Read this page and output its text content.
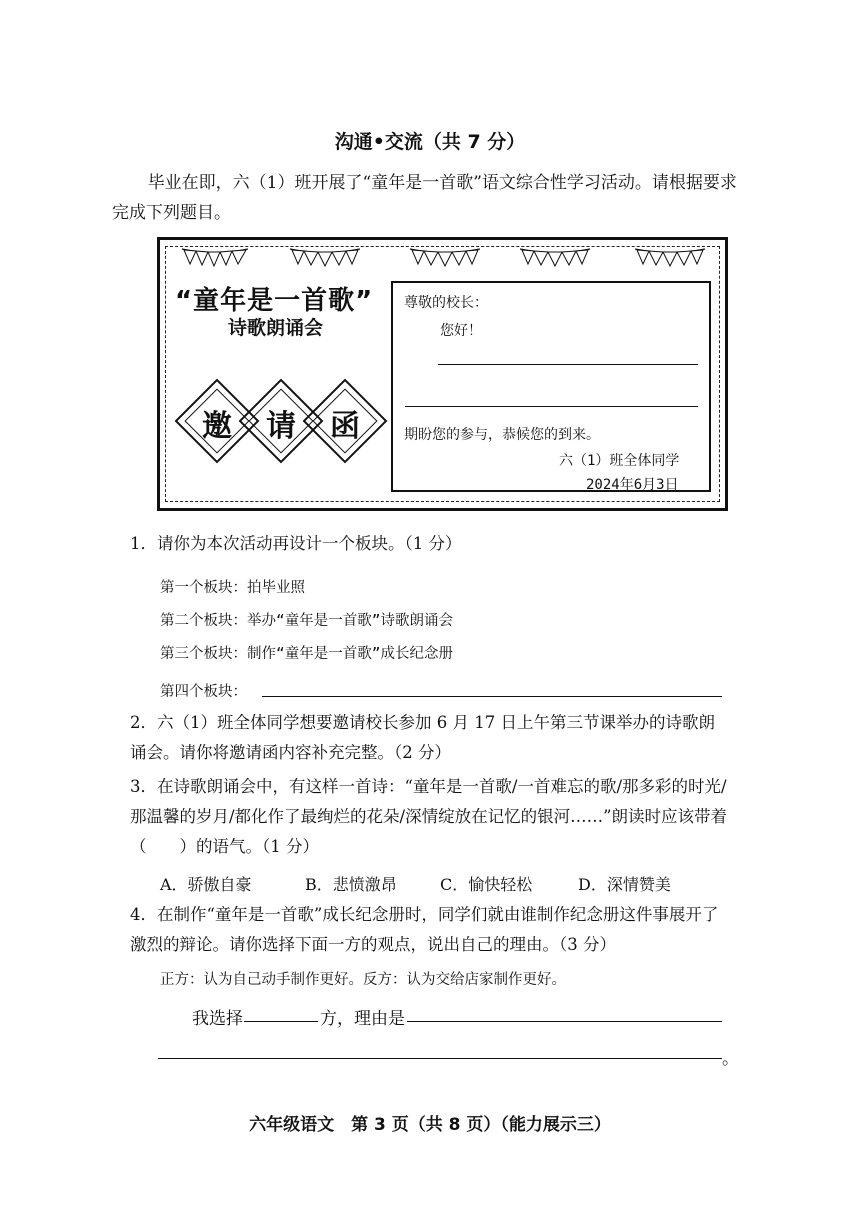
沟通•交流（共 7 分）
毕业在即，六（1）班开展了“童年是一首歌”语文综合性学习活动。请根据要求完成下列题目。
“童年是一首歌”
诗歌朗诵会
邀	请	函
尊敬的校长：
您好！
期盼您的参与，恭候您的到来。
六（1）班全体同学
2024年6月3日
1．请你为本次活动再设计一个板块。（1 分）
第一个板块：拍毕业照
第二个板块：举办“童年是一首歌”诗歌朗诵会
第三个板块：制作“童年是一首歌”成长纪念册
第四个板块：
2．六（1）班全体同学想要邀请校长参加 6 月 17 日上午第三节课举办的诗歌朗诵会。请你将邀请函内容补充完整。（2 分）
3．在诗歌朗诵会中，有这样一首诗：“童年是一首歌/一首难忘的歌/那多彩的时光/那温馨的岁月/都化作了最绚烂的花朵/深情绽放在记忆的银河……”朗读时应该带着（　　）的语气。（1 分）
A．骄傲自豪	B．悲愤激昂	C．愉快轻松	D．深情赞美
4．在制作“童年是一首歌”成长纪念册时，同学们就由谁制作纪念册这件事展开了激烈的辩论。请你选择下面一方的观点，说出自己的理由。（3 分）
正方：认为自己动手制作更好。反方：认为交给店家制作更好。
我选择	方，理由是
。
六年级语文　第 3 页（共 8 页）（能力展示三）
